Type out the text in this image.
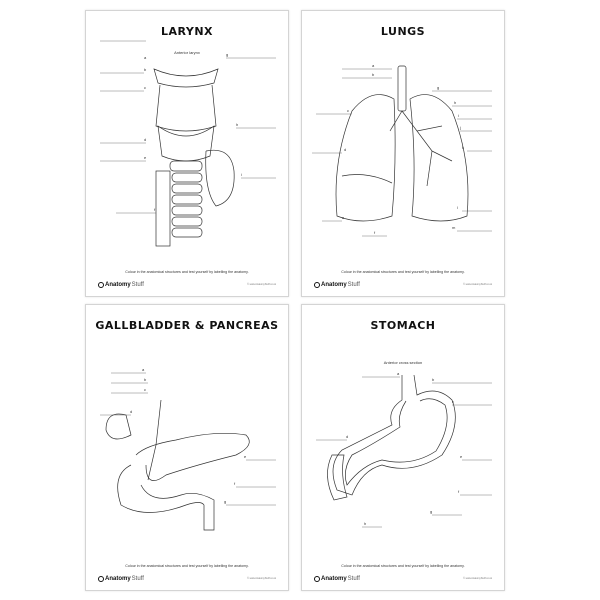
LARYNX
Anterior larynx
a
b
c
d
e
f
g
h
i
Colour in the anatomical structures and test yourself by labelling the anatomy.
Anatomy Stuff	© www.AnatomyStuff.co.uk
LUNGS
a
b
c
d
e
f
g
h
i
j
k
l
m
Colour in the anatomical structures and test yourself by labelling the anatomy.
Anatomy Stuff	© www.AnatomyStuff.co.uk
GALLBLADDER & PANCREAS
a
b
c
d
e
f
g
Colour in the anatomical structures and test yourself by labelling the anatomy.
Anatomy Stuff	© www.AnatomyStuff.co.uk
STOMACH
Anterior cross section
a
b
c
d
e
f
g
h
Colour in the anatomical structures and test yourself by labelling the anatomy.
Anatomy Stuff	© www.AnatomyStuff.co.uk
